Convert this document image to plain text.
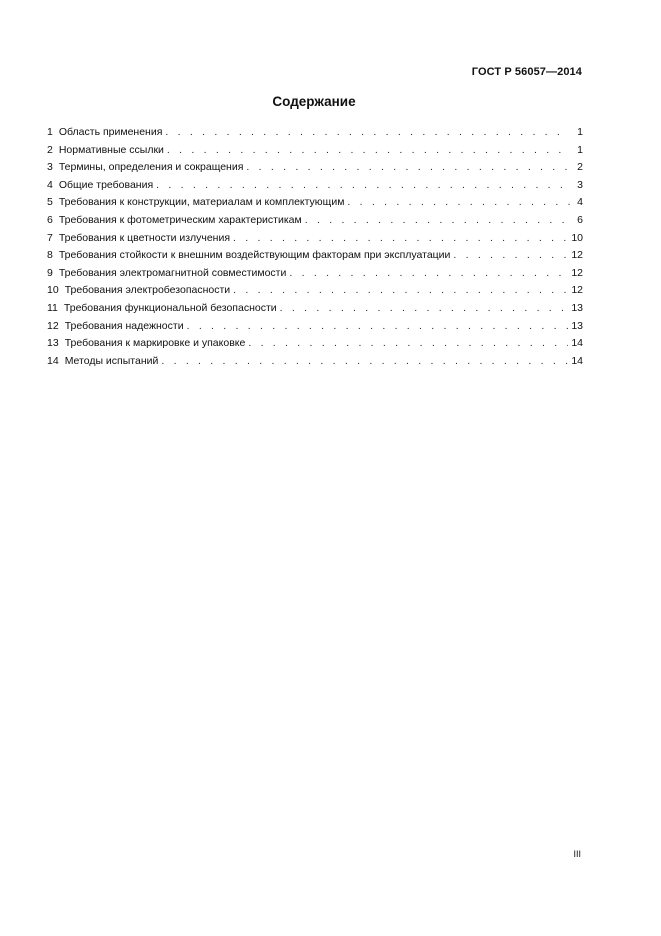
ГОСТ Р 56057—2014
Содержание
1 Область применения . . .	1
2 Нормативные ссылки . . .	1
3 Термины, определения и сокращения . . .	2
4 Общие требования . . .	3
5 Требования к конструкции, материалам и комплектующим . . .	4
6 Требования к фотометрическим характеристикам . . .	6
7 Требования к цветности излучения . . .	10
8 Требования стойкости к внешним воздействующим факторам при эксплуатации . . .	12
9 Требования электромагнитной совместимости . . .	12
10 Требования электробезопасности . . .	12
11 Требования функциональной безопасности . . .	13
12 Требования надежности . . .	13
13 Требования к маркировке и упаковке . . .	14
14 Методы испытаний . . .	14
III
